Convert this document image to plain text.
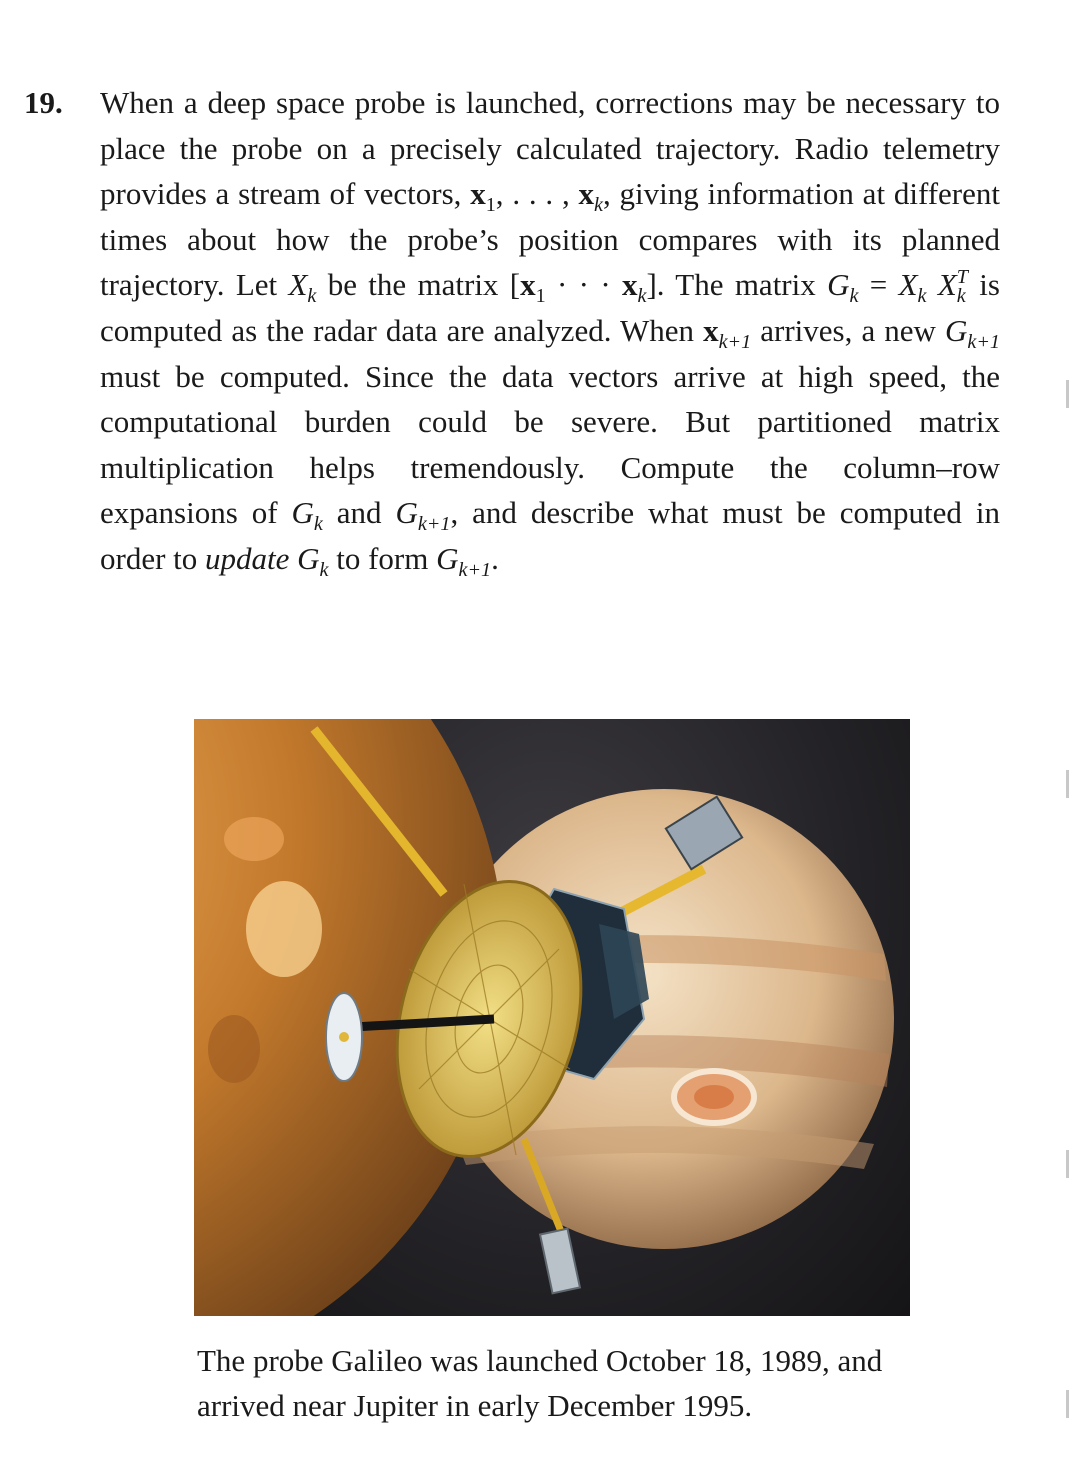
19. When a deep space probe is launched, corrections may be necessary to place the probe on a precisely calculated trajectory. Radio telemetry provides a stream of vectors, $x_1$, . . . , $x_k$, giving information at different times about how the probe’s position compares with its planned trajectory. Let $X_k$ be the matrix [$x_1$ · · · $x_k$]. The matrix $G_k = X_k$ X T
k is computed as the radar data are analyzed. When $x_{k+1}$ arrives, a new $G_{k+1}$ must be computed. Since the data vectors arrive at high speed, the computational burden could be severe. But partitioned matrix multiplication helps tremendously. Compute the column–row expansions of $G_k$ and $G_{k+1}$, and describe what must be computed in order to update $G_k$ to form $G_{k+1}$.
The probe Galileo was launched October 18, 1989, and arrived near Jupiter in early December 1995.
